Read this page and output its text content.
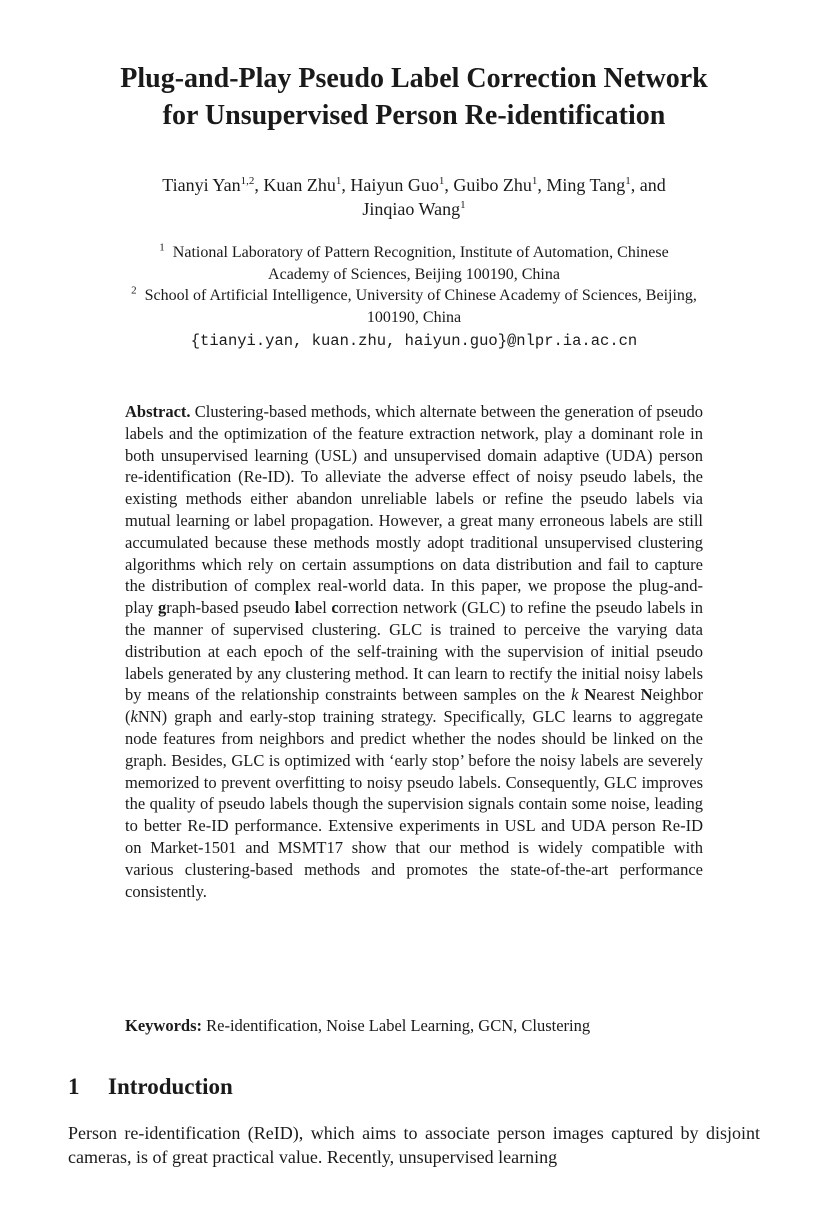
Plug-and-Play Pseudo Label Correction Network
for Unsupervised Person Re-identification
Tianyi Yan$^{1,2}$, Kuan Zhu$^1$, Haiyun Guo$^1$, Guibo Zhu$^1$, Ming Tang$^1$, and
Jinqiao Wang$^1$
$^1$ National Laboratory of Pattern Recognition, Institute of Automation, Chinese
Academy of Sciences, Beijing 100190, China
$^2$ School of Artificial Intelligence, University of Chinese Academy of Sciences, Beijing,
100190, China
{tianyi.yan, kuan.zhu, haiyun.guo}@nlpr.ia.ac.cn
Abstract. Clustering-based methods, which alternate between the generation of pseudo labels and the optimization of the feature extraction network, play a dominant role in both unsupervised learning (USL) and unsupervised domain adaptive (UDA) person re-identification (Re-ID). To alleviate the adverse effect of noisy pseudo labels, the existing methods either abandon unreliable labels or refine the pseudo labels via mutual learning or label propagation. However, a great many erroneous labels are still accumulated because these methods mostly adopt traditional unsupervised clustering algorithms which rely on certain assumptions on data distribution and fail to capture the distribution of complex real-world data. In this paper, we propose the plug-and-play graph-based pseudo label correction network (GLC) to refine the pseudo labels in the manner of supervised clustering. GLC is trained to perceive the varying data distribution at each epoch of the self-training with the supervision of initial pseudo labels generated by any clustering method. It can learn to rectify the initial noisy labels by means of the relationship constraints between samples on the k Nearest Neighbor (kNN) graph and early-stop training strategy. Specifically, GLC learns to aggregate node features from neighbors and predict whether the nodes should be linked on the graph. Besides, GLC is optimized with ‘early stop’ before the noisy labels are severely memorized to prevent overfitting to noisy pseudo labels. Consequently, GLC improves the quality of pseudo labels though the supervision signals contain some noise, leading to better Re-ID performance. Extensive experiments in USL and UDA person Re-ID on Market-1501 and MSMT17 show that our method is widely compatible with various clustering-based methods and promotes the state-of-the-art performance consistently.
Keywords: Re-identification, Noise Label Learning, GCN, Clustering
1 Introduction
Person re-identification (ReID), which aims to associate person images captured by disjoint cameras, is of great practical value. Recently, unsupervised learning
